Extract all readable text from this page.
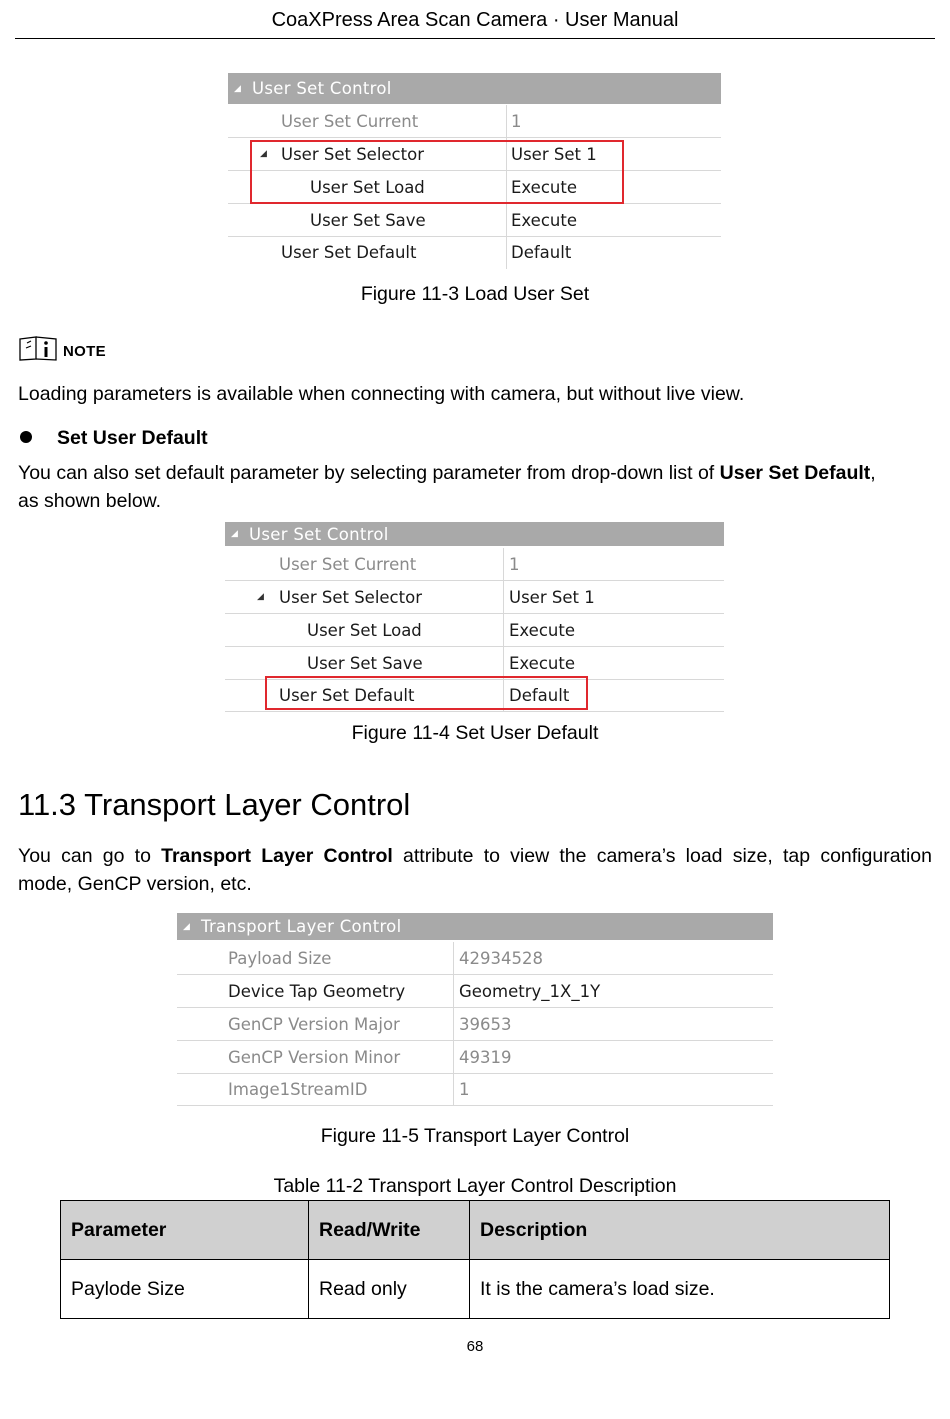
CoaXPress Area Scan Camera · User Manual
◢ User Set Control
User Set Current	1
◢ User Set Selector	User Set 1
User Set Load	Execute
User Set Save	Execute
User Set Default	Default
Figure 11-3 Load User Set
NOTE
Loading parameters is available when connecting with camera, but without live view.
Set User Default
You can also set default parameter by selecting parameter from drop-down list of User Set Default,
as shown below.
◢ User Set Control
User Set Current	1
◢ User Set Selector	User Set 1
User Set Load	Execute
User Set Save	Execute
User Set Default	Default
Figure 11-4 Set User Default
11.3 Transport Layer Control
You can go to Transport Layer Control attribute to view the camera’s load size, tap configuration
mode, GenCP version, etc.
◢ Transport Layer Control
Payload Size	42934528
Device Tap Geometry	Geometry_1X_1Y
GenCP Version Major	39653
GenCP Version Minor	49319
Image1StreamID	1
Figure 11-5 Transport Layer Control
Table 11-2 Transport Layer Control Description
Parameter	Read/Write	Description
Paylode Size	Read only	It is the camera’s load size.
68
